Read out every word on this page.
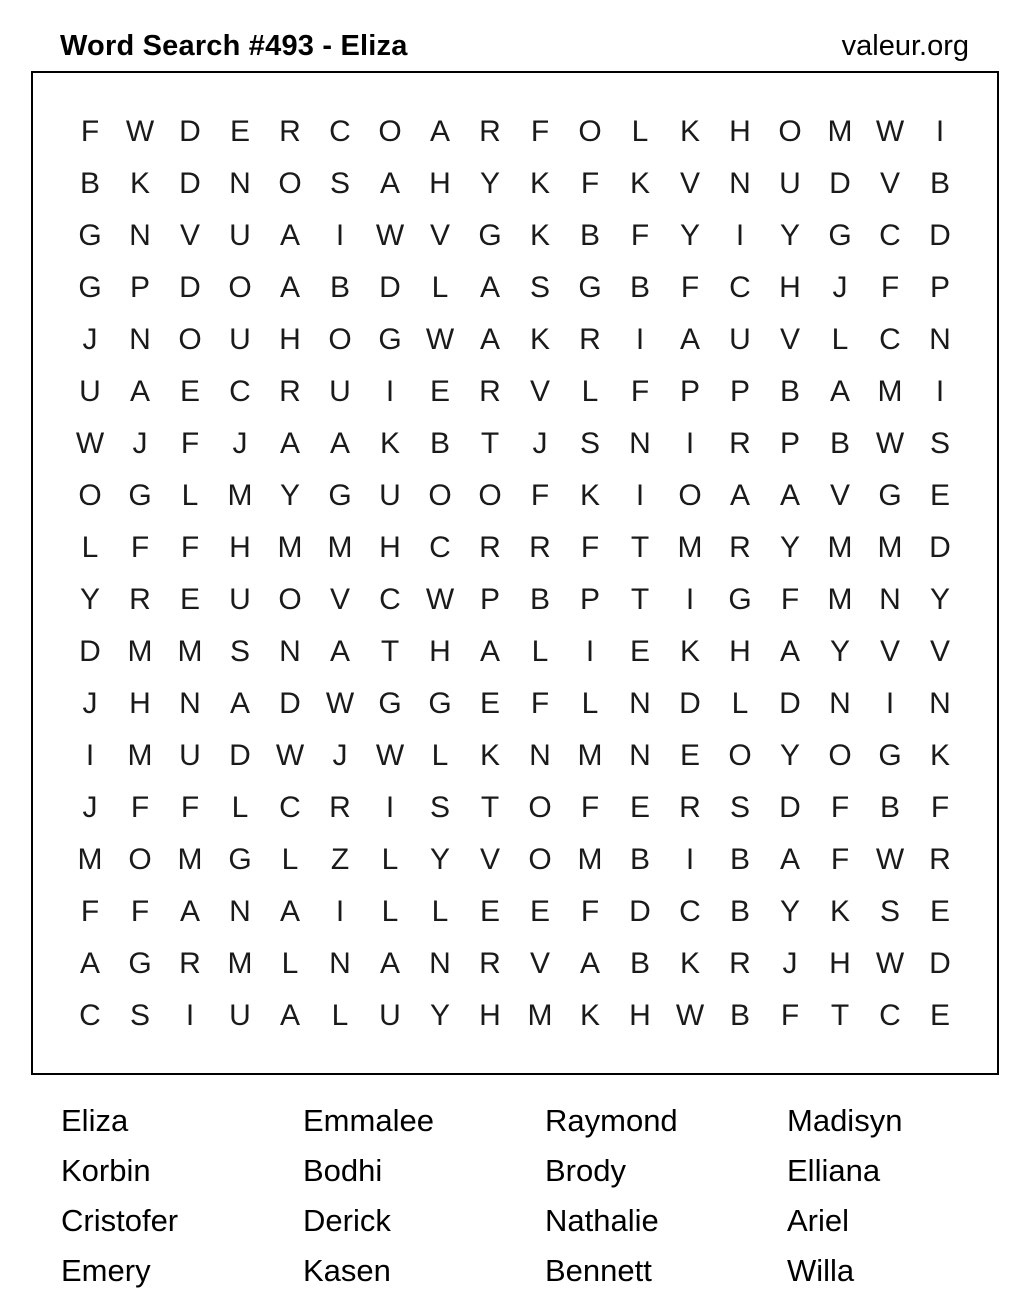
Word Search #493 - Eliza	valeur.org
F W D E R C O A R	F O L	K H O M W	I
B K D N O S A H Y K	F	K V N U D V B
G N V U A	I	W V G K B	F	Y	I	Y G C D
G P D O A B D	L	A S G B	F	C H	J	F	P
J	N O U H O G W A K R	I	A U V	L	C N
U A E C R U	I	E R V	L	F	P P B A M	I
W J	F	J	A A K B	T	J	S N	I	R P B W S
O G L M Y G U O O F	K	I	O A A V G E
L	F	F	H M M H C R R	F	T M R Y M M D
Y R E U O V C W P B P	T	I	G F M N Y
D M M S N A	T	H A	L	I	E K H A Y V V
J	H N A D W G G E	F	L	N D	L	D N	I	N
I	M U D W J W L	K N M N E O Y O G K
J	F	F	L	C R	I	S	T O F	E R S D	F	B	F
M O M G L	Z	L	Y V O M B	I	B A	F W R
F	F	A N A	I	L	L	E E	F	D C B Y K S E
A G R M L	N A N R V A B K R	J	H W D
C S	I	U A	L	U Y H M K H W B	F	T	C E
Eliza	Emmalee	Raymond	Madisyn
Korbin	Bodhi	Brody	Elliana
Cristofer	Derick	Nathalie	Ariel
Emery	Kasen	Bennett	Willa
